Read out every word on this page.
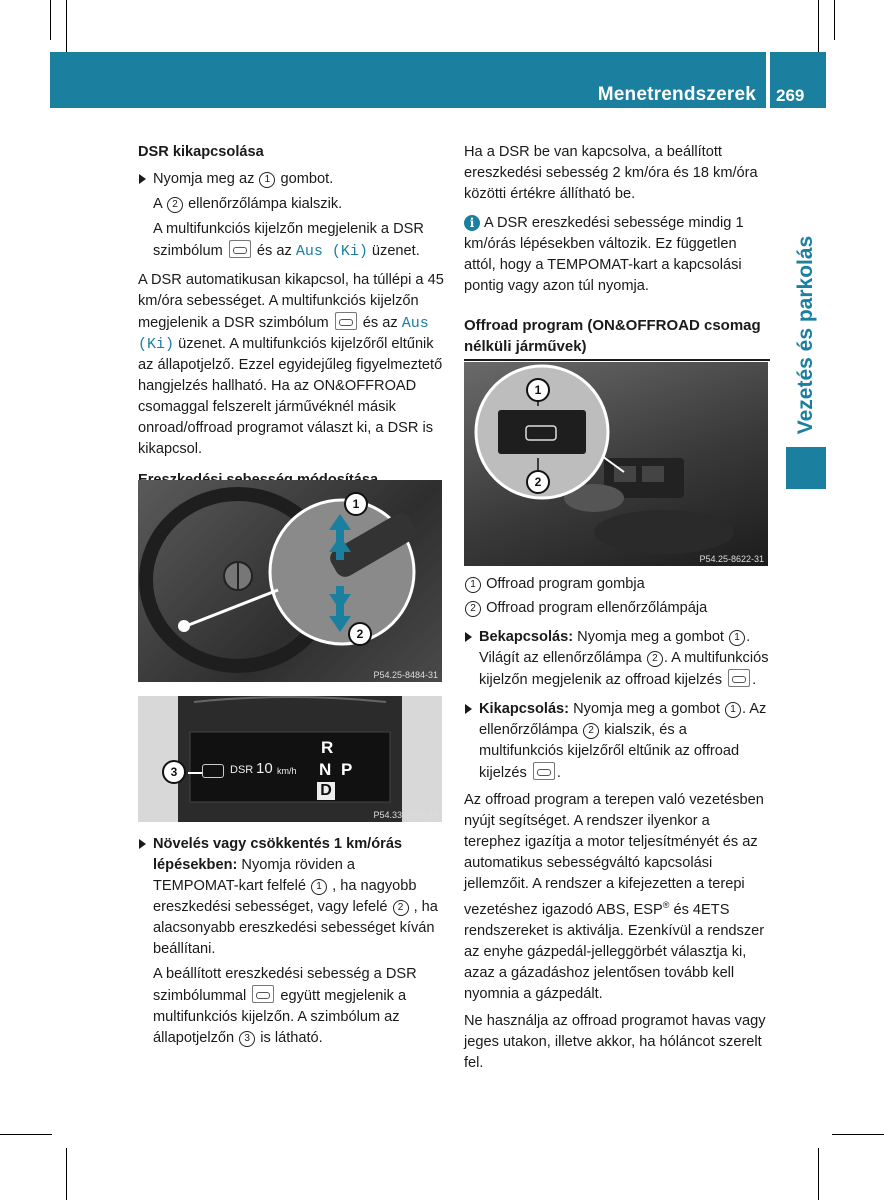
Menetrendszerek 269
Vezetés és parkolás
DSR kikapcsolása
Nyomja meg az 1 gombot.
A 2 ellenőrzőlámpa kialszik.
A multifunkciós kijelzőn megjelenik a DSR szimbólum és az Aus (Ki) üzenet.

A DSR automatikusan kikapcsol, ha túllépi a 45 km/óra sebességet. A multifunkciós kijelzőn megjelenik a DSR szimbólum és az Aus (Ki) üzenet. A multifunkciós kijelzőről eltűnik az állapotjelző. Ezzel egyidejűleg figyelmeztető hangjelzés hallható. Ha az ON&OFFROAD csomaggal felszerelt járművéknél másik onroad/offroad programot választ ki, a DSR is kikapcsol.

1
2
P54.25-8484-31
DSR 10 km/h
R
N P
D
3
P54.33-2635-31
Növelés vagy csökkentés 1 km/órás lépésekben: Nyomja röviden a TEMPOMAT-kart felfelé 1 , ha nagyobb ereszkedési sebességet, vagy lefelé 2 , ha alacsonyabb ereszkedési sebességet kíván beállítani.
A beállított ereszkedési sebesség a DSR szimbólummal együtt megjelenik a multifunkciós kijelzőn. A szimbólum az állapotjelzőn 3 is látható.

Ha a DSR be van kapcsolva, a beállított ereszkedési sebesség 2 km/óra és 18 km/óra közötti értékre állítható be.

i A DSR ereszkedési sebessége mindig 1 km/órás lépésekben változik. Ez független attól, hogy a TEMPOMAT-kart a kapcsolási pontig vagy azon túl nyomja.

Offroad program (ON&OFFROAD csomag nélküli járművek)
1
2
P54.25-8622-31

1 Offroad program gombja

2 Offroad program ellenőrzőlámpája

Bekapcsolás: Nyomja meg a gombot 1 . Világít az ellenőrzőlámpa 2 . A multifunkciós kijelzőn megjelenik az offroad kijelzés .
Kikapcsolás: Nyomja meg a gombot 1 . Az ellenőrzőlámpa 2 kialszik, és a multifunkciós kijelzőről eltűnik az offroad kijelzés .

Az offroad program a terepen való vezetésben nyújt segítséget. A rendszer ilyenkor a terephez igazítja a motor teljesítményét és az automatikus sebességváltó kapcsolási jellemzőit. A rendszer a kifejezetten a terepi vezetéshez igazodó ABS, ESP® és 4ETS rendszereket is aktiválja. Ezenkívül a rendszer az enyhe gázpedál-jelleggörbét választja ki, azaz a gázadáshoz jelentősen tovább kell nyomnia a gázpedált.

Ne használja az offroad programot havas vagy jeges utakon, illetve akkor, ha hóláncot szerelt fel.
